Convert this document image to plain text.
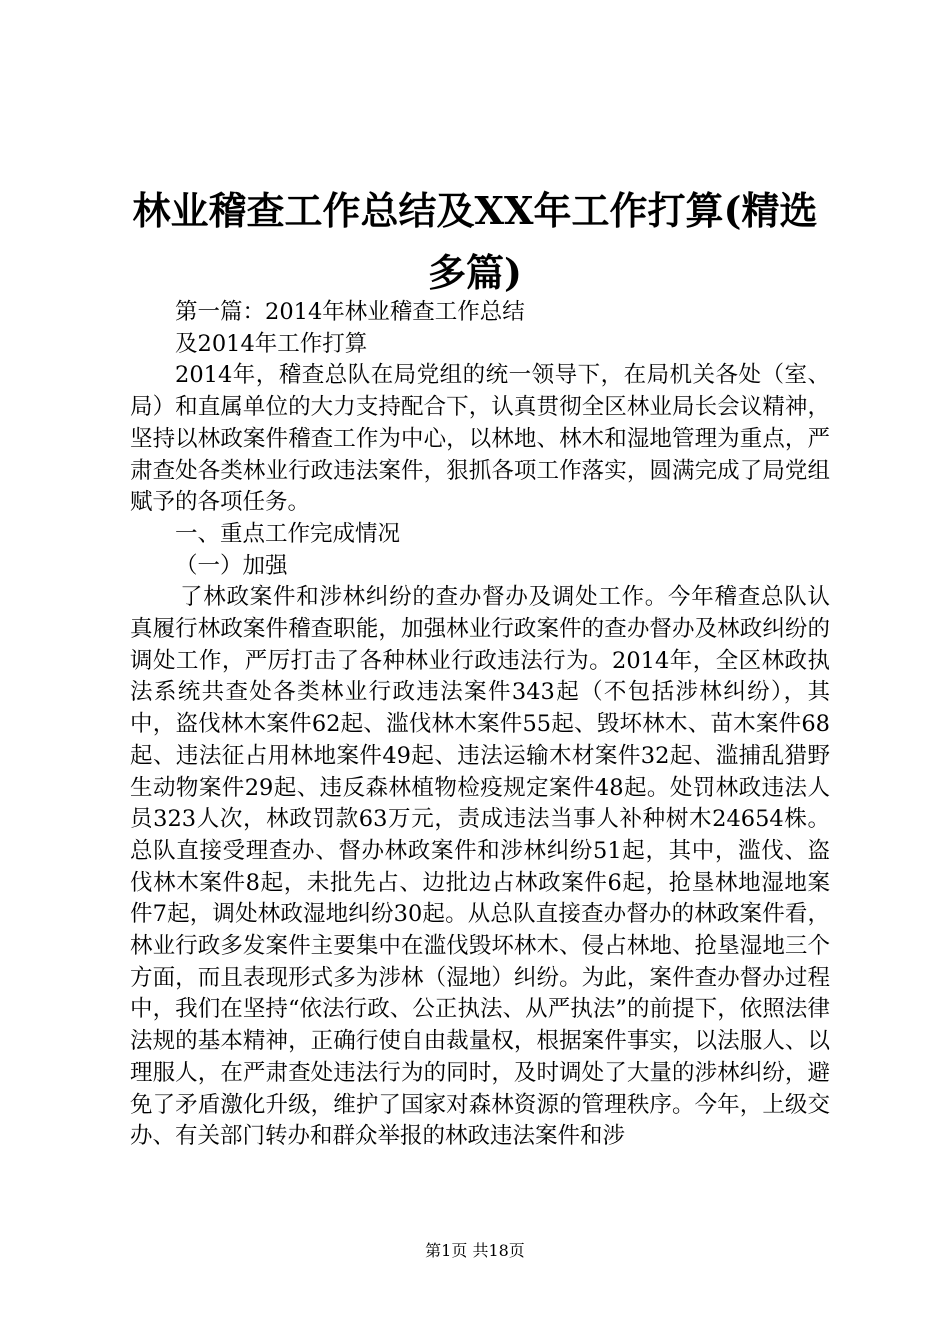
林业稽查工作总结及XX年工作打算(精选多篇)

第一篇：2014年林业稽查工作总结

及2014年工作打算

2014年，稽查总队在局党组的统一领导下，在局机关各处（室、局）和直属单位的大力支持配合下，认真贯彻全区林业局长会议精神，坚持以林政案件稽查工作为中心，以林地、林木和湿地管理为重点，严肃查处各类林业行政违法案件，狠抓各项工作落实，圆满完成了局党组赋予的各项任务。

一、重点工作完成情况

（一）加强

了林政案件和涉林纠纷的查办督办及调处工作。今年稽查总队认真履行林政案件稽查职能，加强林业行政案件的查办督办及林政纠纷的调处工作，严厉打击了各种林业行政违法行为。2014年，全区林政执法系统共查处各类林业行政违法案件343起（不包括涉林纠纷），其中，盗伐林木案件62起、滥伐林木案件55起、毁坏林木、苗木案件68起、违法征占用林地案件49起、违法运输木材案件32起、滥捕乱猎野生动物案件29起、违反森林植物检疫规定案件48起。处罚林政违法人员323人次，林政罚款63万元，责成违法当事人补种树木24654株。总队直接受理查办、督办林政案件和涉林纠纷51起，其中，滥伐、盗伐林木案件8起，未批先占、边批边占林政案件6起，抢垦林地湿地案件7起，调处林政湿地纠纷30起。从总队直接查办督办的林政案件看，林业行政多发案件主要集中在滥伐毁坏林木、侵占林地、抢垦湿地三个方面，而且表现形式多为涉林（湿地）纠纷。为此，案件查办督办过程中，我们在坚持“依法行政、公正执法、从严执法”的前提下，依照法律法规的基本精神，正确行使自由裁量权，根据案件事实，以法服人、以理服人，在严肃查处违法行为的同时，及时调处了大量的涉林纠纷，避免了矛盾激化升级，维护了国家对森林资源的管理秩序。今年，上级交办、有关部门转办和群众举报的林政违法案件和涉

第1页 共18页
